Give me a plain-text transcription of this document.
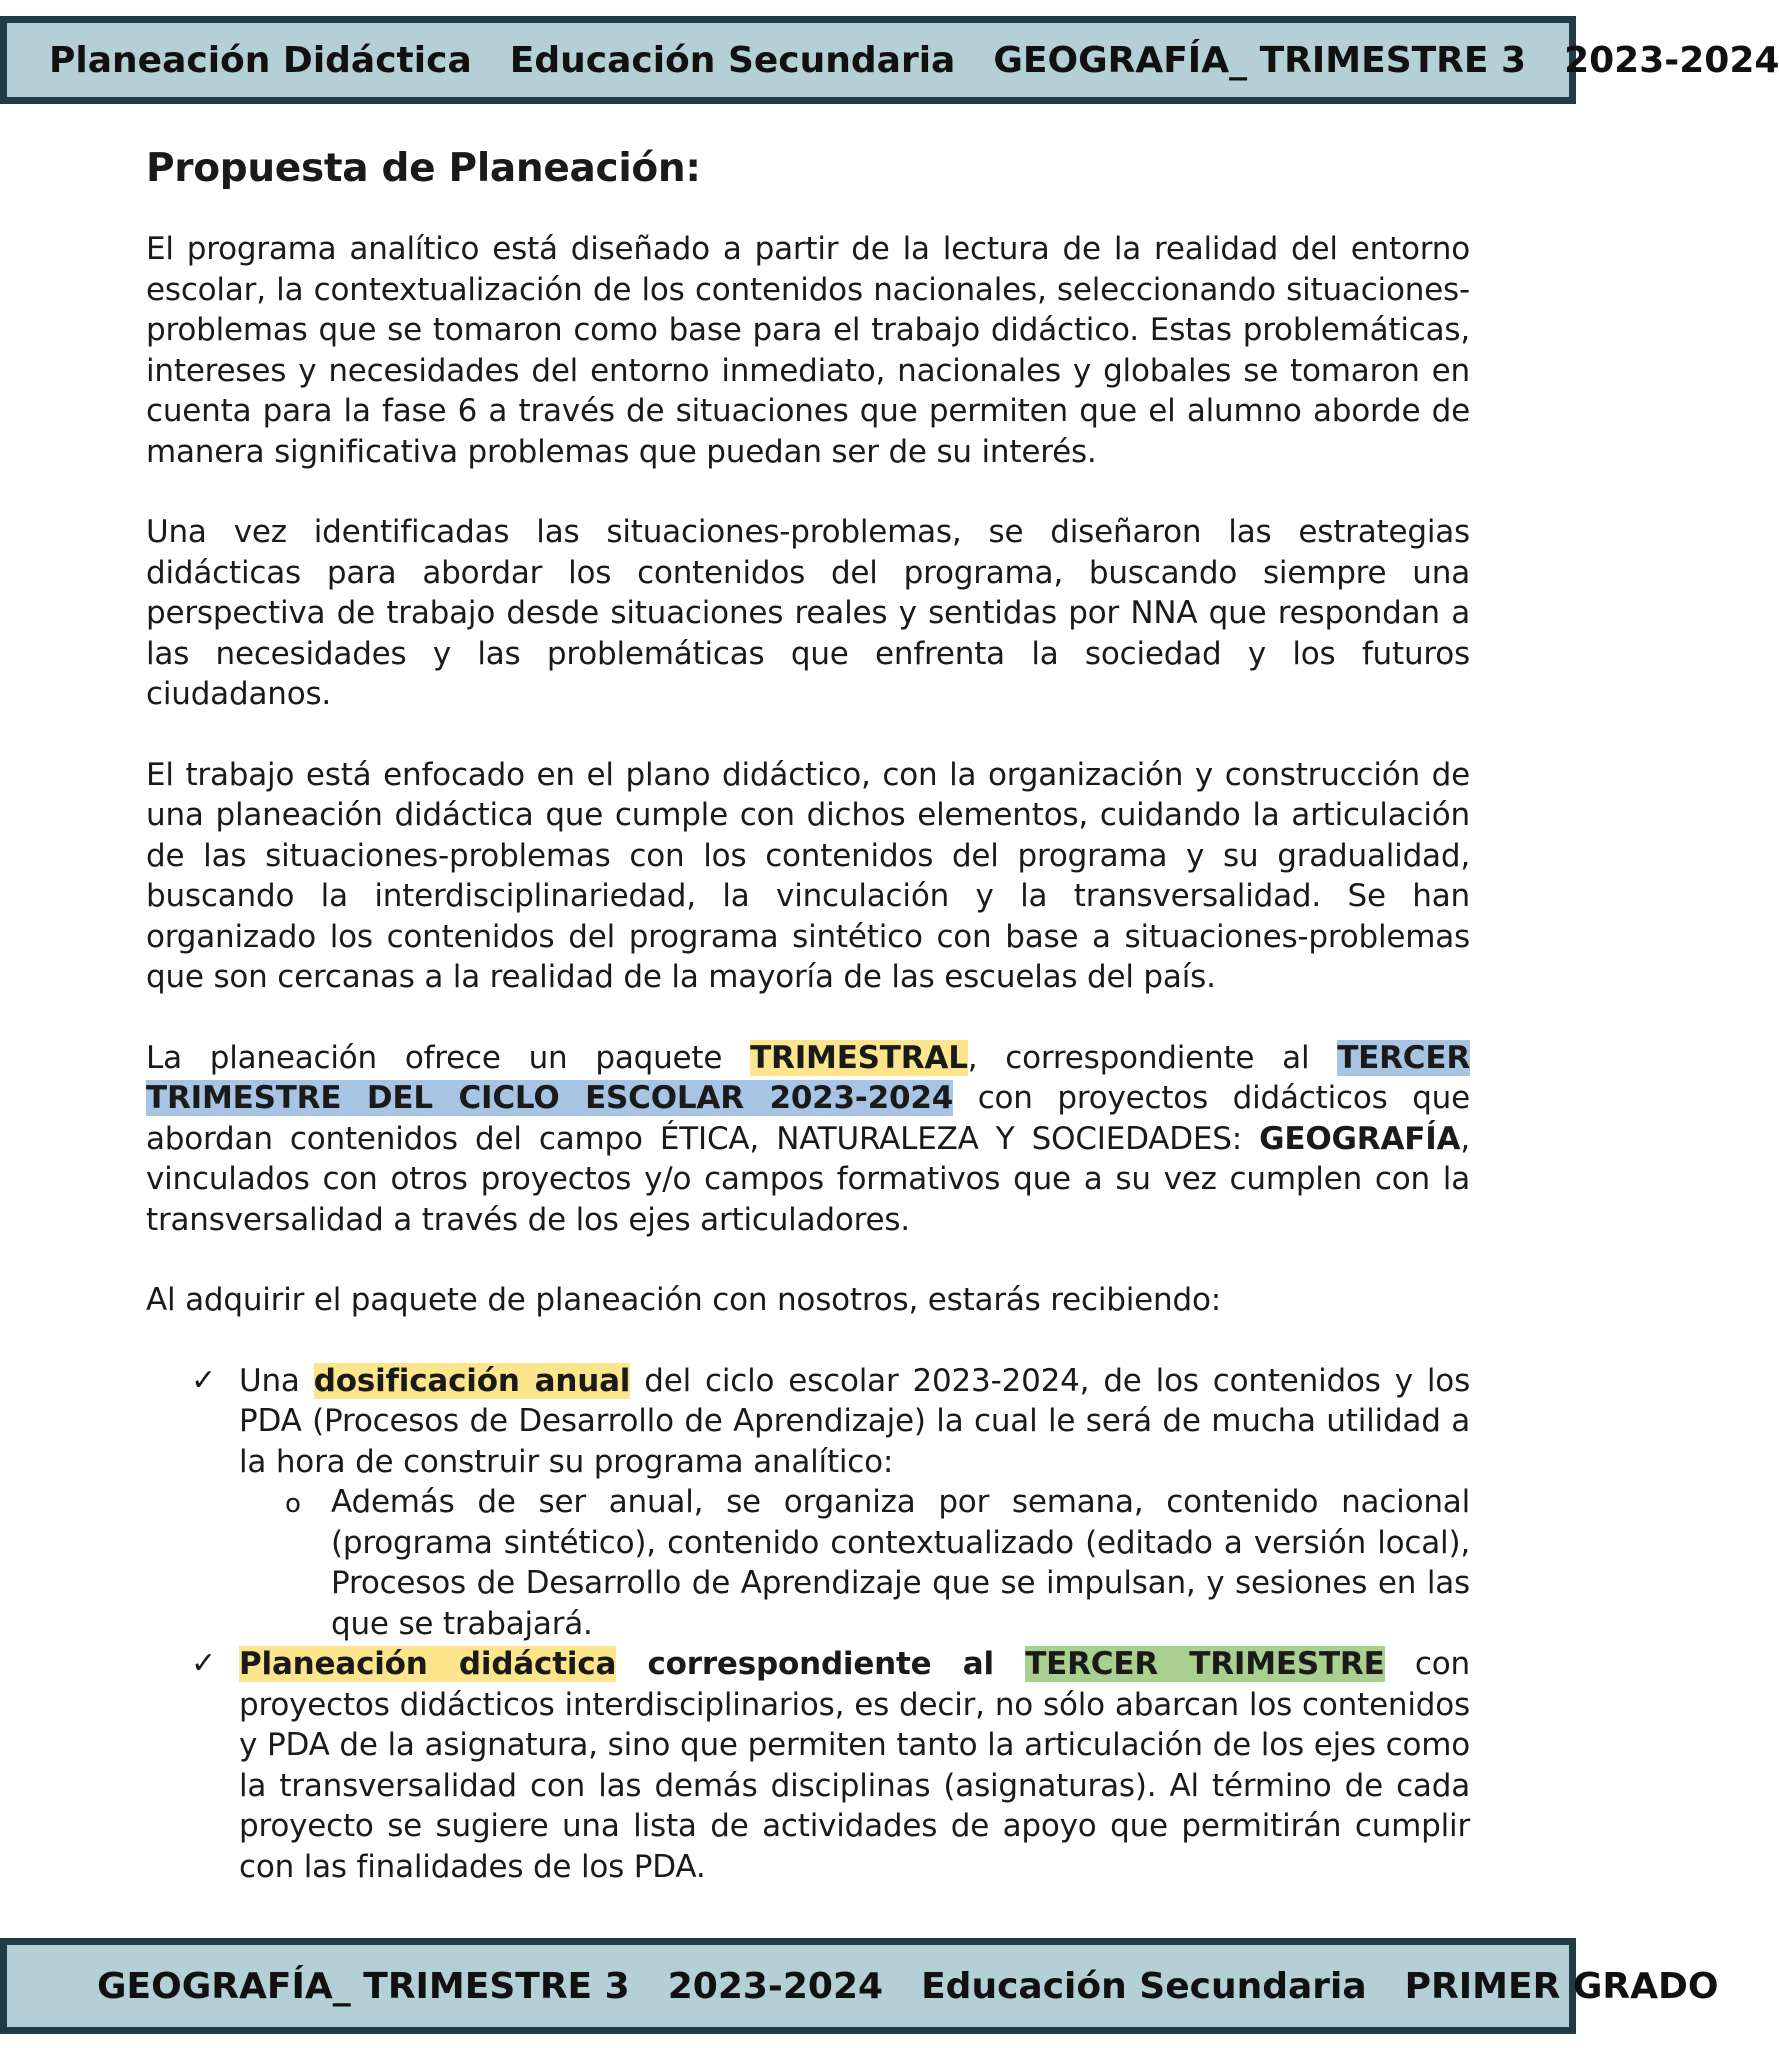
Planeación Didáctica Educación Secundaria GEOGRAFÍA_ TRIMESTRE 3 2023-2024
Propuesta de Planeación:
El programa analítico está diseñado a partir de la lectura de la realidad del entorno escolar, la contextualización de los contenidos nacionales, seleccionando situaciones-problemas que se tomaron como base para el trabajo didáctico. Estas problemáticas, intereses y necesidades del entorno inmediato, nacionales y globales se tomaron en cuenta para la fase 6 a través de situaciones que permiten que el alumno aborde de manera significativa problemas que puedan ser de su interés.
Una vez identificadas las situaciones-problemas, se diseñaron las estrategias didácticas para abordar los contenidos del programa, buscando siempre una perspectiva de trabajo desde situaciones reales y sentidas por NNA que respondan a las necesidades y las problemáticas que enfrenta la sociedad y los futuros ciudadanos.
El trabajo está enfocado en el plano didáctico, con la organización y construcción de una planeación didáctica que cumple con dichos elementos, cuidando la articulación de las situaciones-problemas con los contenidos del programa y su gradualidad, buscando la interdisciplinariedad, la vinculación y la transversalidad. Se han organizado los contenidos del programa sintético con base a situaciones-problemas que son cercanas a la realidad de la mayoría de las escuelas del país.
La planeación ofrece un paquete TRIMESTRAL, correspondiente al TERCER TRIMESTRE DEL CICLO ESCOLAR 2023-2024 con proyectos didácticos que abordan contenidos del campo ÉTICA, NATURALEZA Y SOCIEDADES: GEOGRAFÍA, vinculados con otros proyectos y/o campos formativos que a su vez cumplen con la transversalidad a través de los ejes articuladores.
Al adquirir el paquete de planeación con nosotros, estarás recibiendo:
✓ Una dosificación anual del ciclo escolar 2023-2024, de los contenidos y los PDA (Procesos de Desarrollo de Aprendizaje) la cual le será de mucha utilidad a la hora de construir su programa analítico:
o Además de ser anual, se organiza por semana, contenido nacional (programa sintético), contenido contextualizado (editado a versión local), Procesos de Desarrollo de Aprendizaje que se impulsan, y sesiones en las que se trabajará.
✓ Planeación didáctica correspondiente al TERCER TRIMESTRE con proyectos didácticos interdisciplinarios, es decir, no sólo abarcan los contenidos y PDA de la asignatura, sino que permiten tanto la articulación de los ejes como la transversalidad con las demás disciplinas (asignaturas). Al término de cada proyecto se sugiere una lista de actividades de apoyo que permitirán cumplir con las finalidades de los PDA.
GEOGRAFÍA_ TRIMESTRE 3 2023-2024 Educación Secundaria PRIMER GRADO
